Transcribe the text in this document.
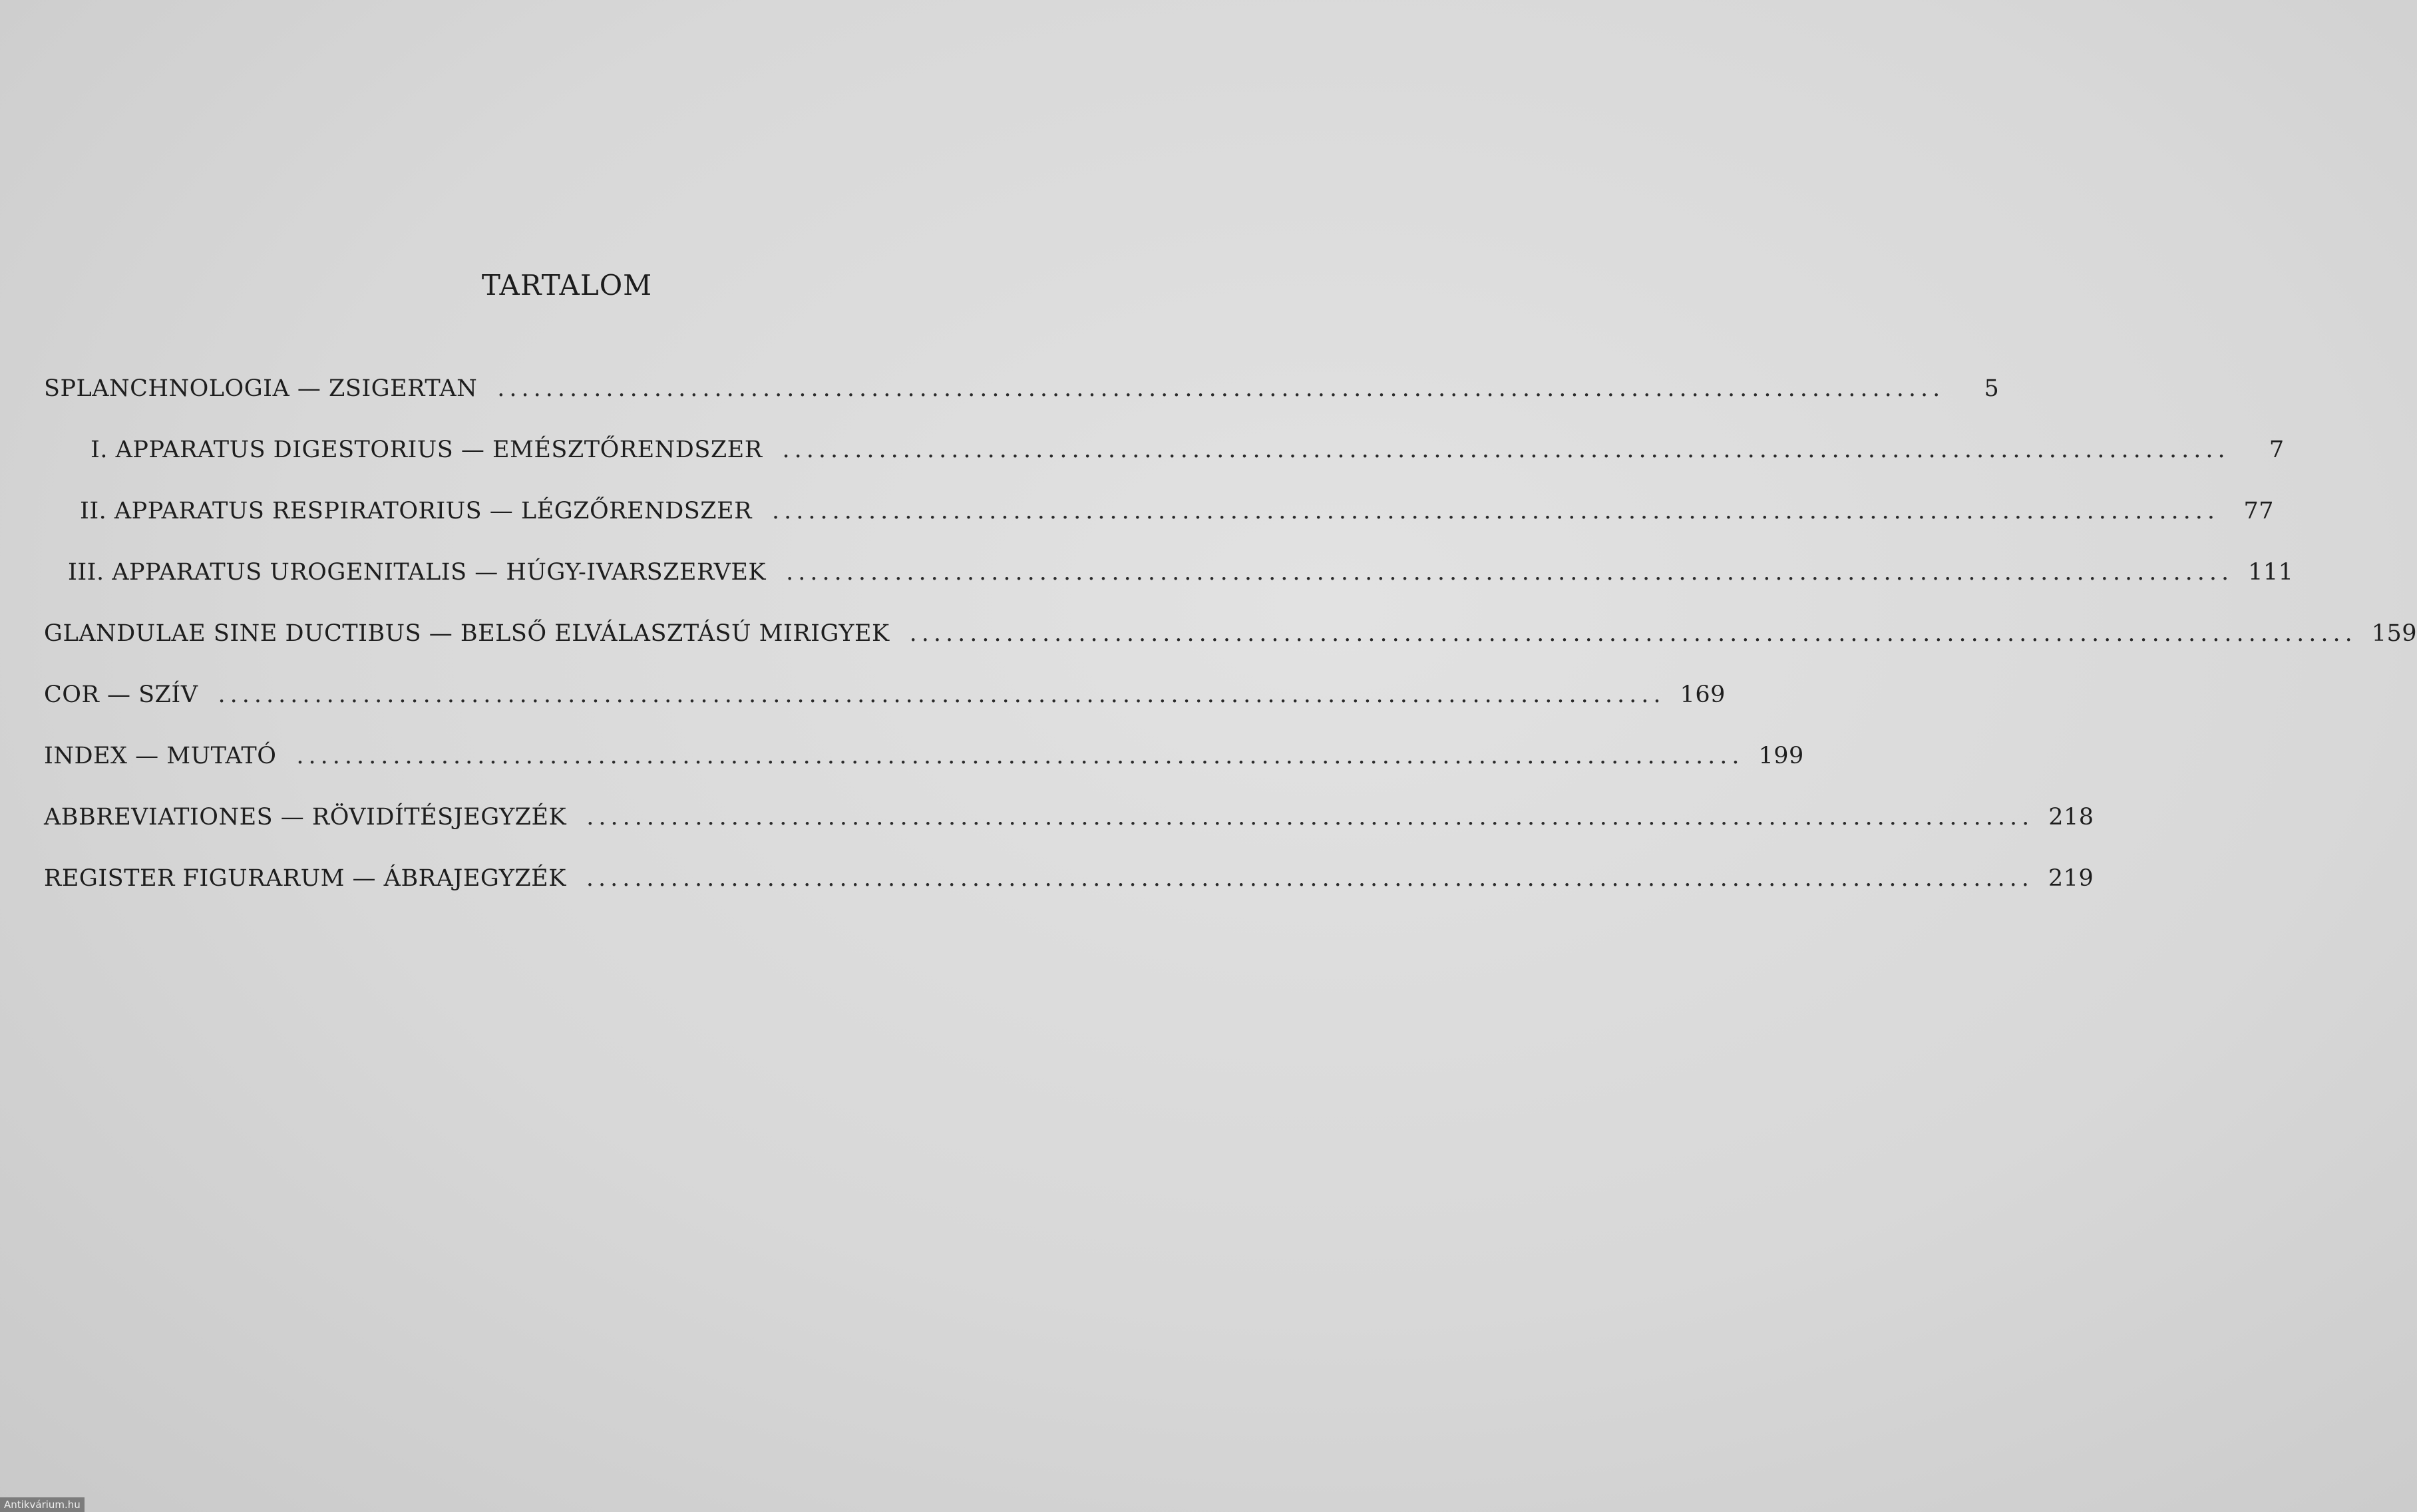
TARTALOM
SPLANCHNOLOGIA — ZSIGERTAN ........................................................................................................................	5
I. APPARATUS DIGESTORIUS — EMÉSZTŐRENDSZER ........................................................................................................................	7
II. APPARATUS RESPIRATORIUS — LÉGZŐRENDSZER ........................................................................................................................	77
III. APPARATUS UROGENITALIS — HÚGY-IVARSZERVEK ........................................................................................................................ 111
GLANDULAE SINE DUCTIBUS — BELSŐ ELVÁLASZTÁSÚ MIRIGYEK ........................................................................................................................ 159
COR — SZÍV ........................................................................................................................ 169
INDEX — MUTATÓ ........................................................................................................................ 199
ABBREVIATIONES — RÖVIDÍTÉSJEGYZÉK ........................................................................................................................ 218
REGISTER FIGURARUM — ÁBRAJEGYZÉK ........................................................................................................................ 219
Antikvárium.hu
